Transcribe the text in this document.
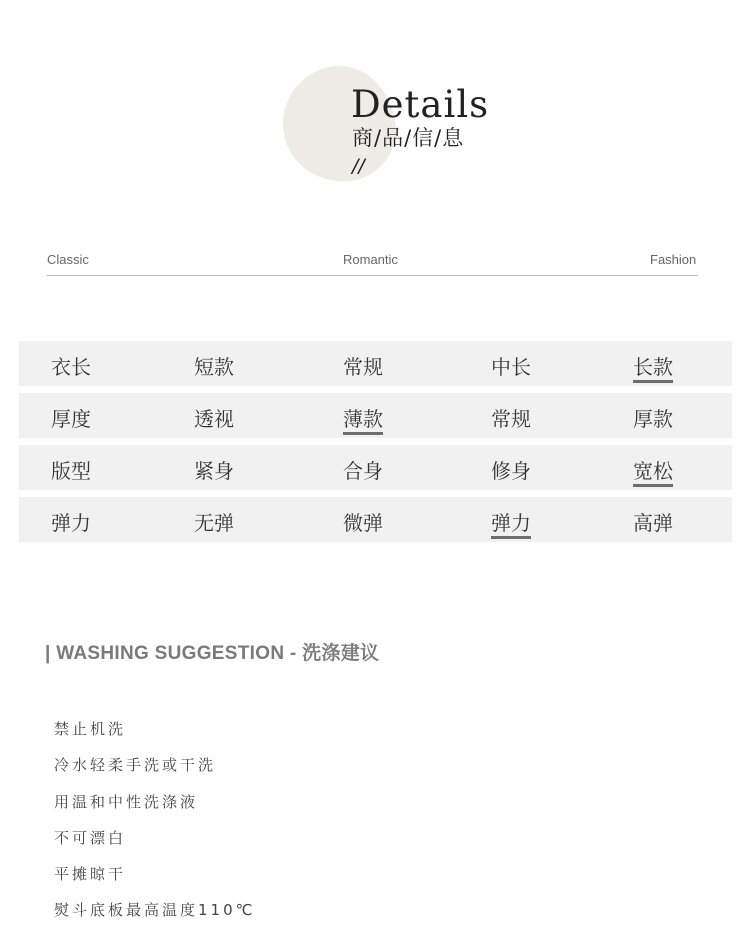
Details
商/品/信/息
//
Classic	Romantic	Fashion
衣长	短款	常规	中长	长款
厚度	透视	薄款	常规	厚款
版型	紧身	合身	修身	宽松
弹力	无弹	微弹	弹力	高弹
| WASHING SUGGESTION - 洗涤建议
禁止机洗
冷水轻柔手洗或干洗
用温和中性洗涤液
不可漂白
平摊晾干
熨斗底板最高温度110℃
